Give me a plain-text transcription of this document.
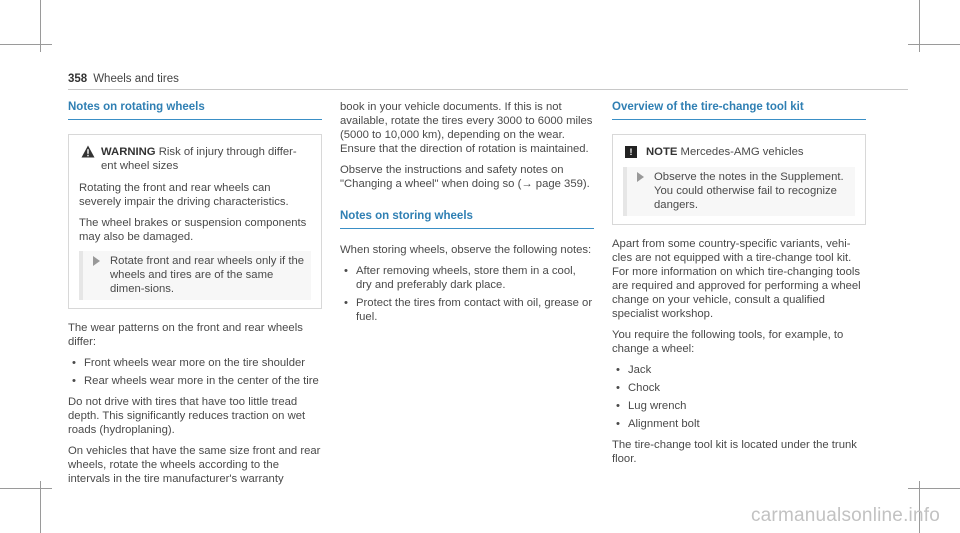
358 Wheels and tires
Notes on rotating wheels
WARNING Risk of injury through differ-ent wheel sizes

Rotating the front and rear wheels can severely impair the driving characteristics.

The wheel brakes or suspension components may also be damaged.

Rotate front and rear wheels only if the wheels and tires are of the same dimen-sions.

The wear patterns on the front and rear wheels differ:

• Front wheels wear more on the tire shoulder
• Rear wheels wear more in the center of the tire

Do not drive with tires that have too little tread depth. This significantly reduces traction on wet roads (hydroplaning).

On vehicles that have the same size front and rear wheels, rotate the wheels according to the intervals in the tire manufacturer's warranty

book in your vehicle documents. If this is not available, rotate the tires every 3000 to 6000 miles (5000 to 10,000 km), depending on the wear. Ensure that the direction of rotation is maintained.

Observe the instructions and safety notes on "Changing a wheel" when doing so (→ page 359).

Notes on storing wheels

When storing wheels, observe the following notes:

• After removing wheels, store them in a cool, dry and preferably dark place.
• Protect the tires from contact with oil, grease or fuel.
Overview of the tire-change tool kit
!	NOTE Mercedes-AMG vehicles
Observe the notes in the Supplement. You could otherwise fail to recognize dangers.

Apart from some country-specific variants, vehi-cles are not equipped with a tire-change tool kit. For more information on which tire-changing tools are required and approved for performing a wheel change on your vehicle, consult a qualified specialist workshop.

You require the following tools, for example, to change a wheel:

• Jack
• Chock
• Lug wrench
• Alignment bolt

The tire-change tool kit is located under the trunk floor.

carmanualsonline.info
